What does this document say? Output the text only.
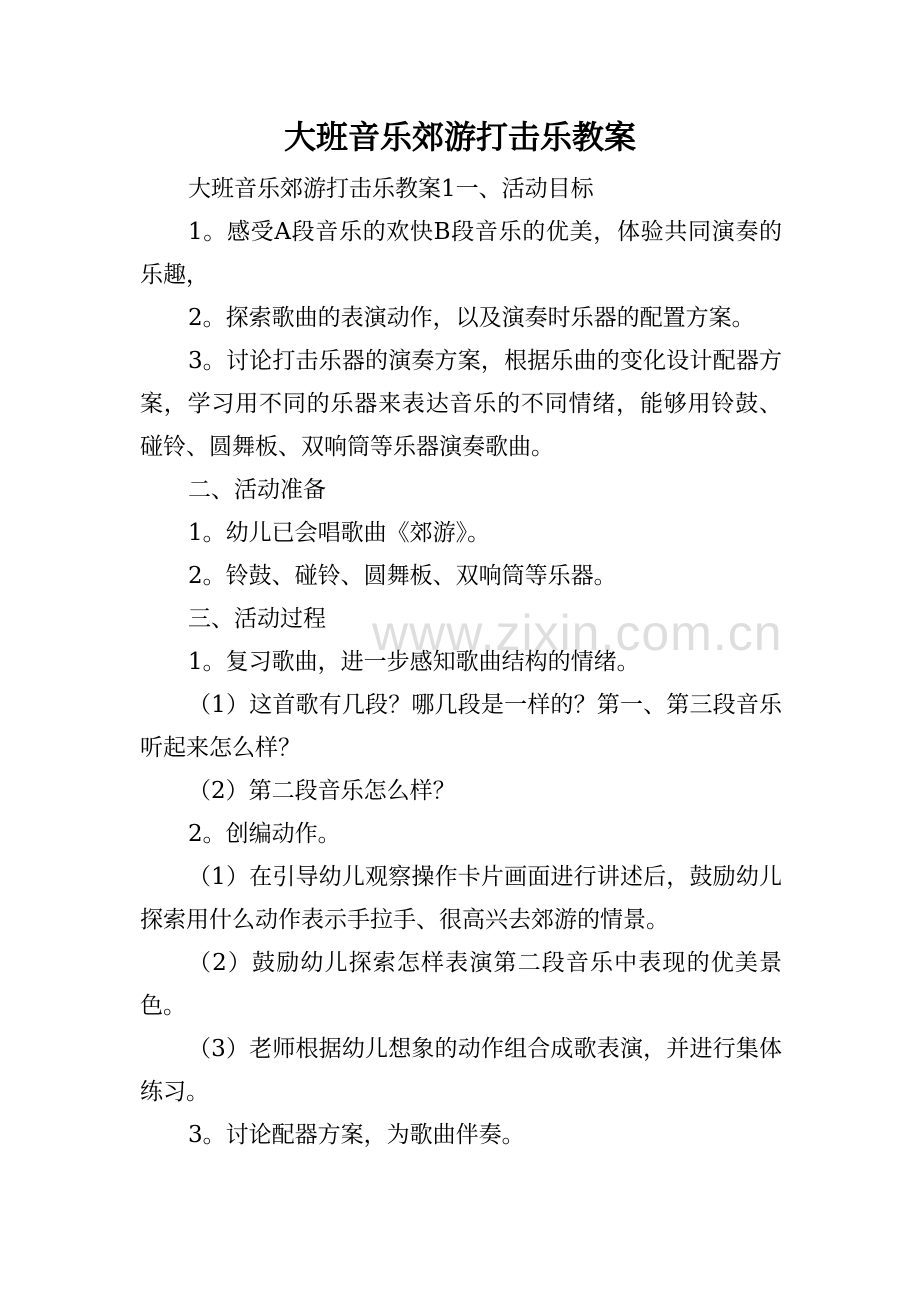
大班音乐郊游打击乐教案

大班音乐郊游打击乐教案1一、活动目标

1。感受A段音乐的欢快B段音乐的优美，体验共同演奏的乐趣，

2。探索歌曲的表演动作，以及演奏时乐器的配置方案。

3。讨论打击乐器的演奏方案，根据乐曲的变化设计配器方案，学习用不同的乐器来表达音乐的不同情绪，能够用铃鼓、碰铃、圆舞板、双响筒等乐器演奏歌曲。

二、活动准备

1。幼儿已会唱歌曲《郊游》。

2。铃鼓、碰铃、圆舞板、双响筒等乐器。

三、活动过程

1。复习歌曲，进一步感知歌曲结构的情绪。

（1）这首歌有几段？哪几段是一样的？第一、第三段音乐听起来怎么样？

（2）第二段音乐怎么样？

2。创编动作。

（1）在引导幼儿观察操作卡片画面进行讲述后，鼓励幼儿探索用什么动作表示手拉手、很高兴去郊游的情景。

（2）鼓励幼儿探索怎样表演第二段音乐中表现的优美景色。

（3）老师根据幼儿想象的动作组合成歌表演，并进行集体练习。

3。讨论配器方案，为歌曲伴奏。

www.zixin.com.cn
